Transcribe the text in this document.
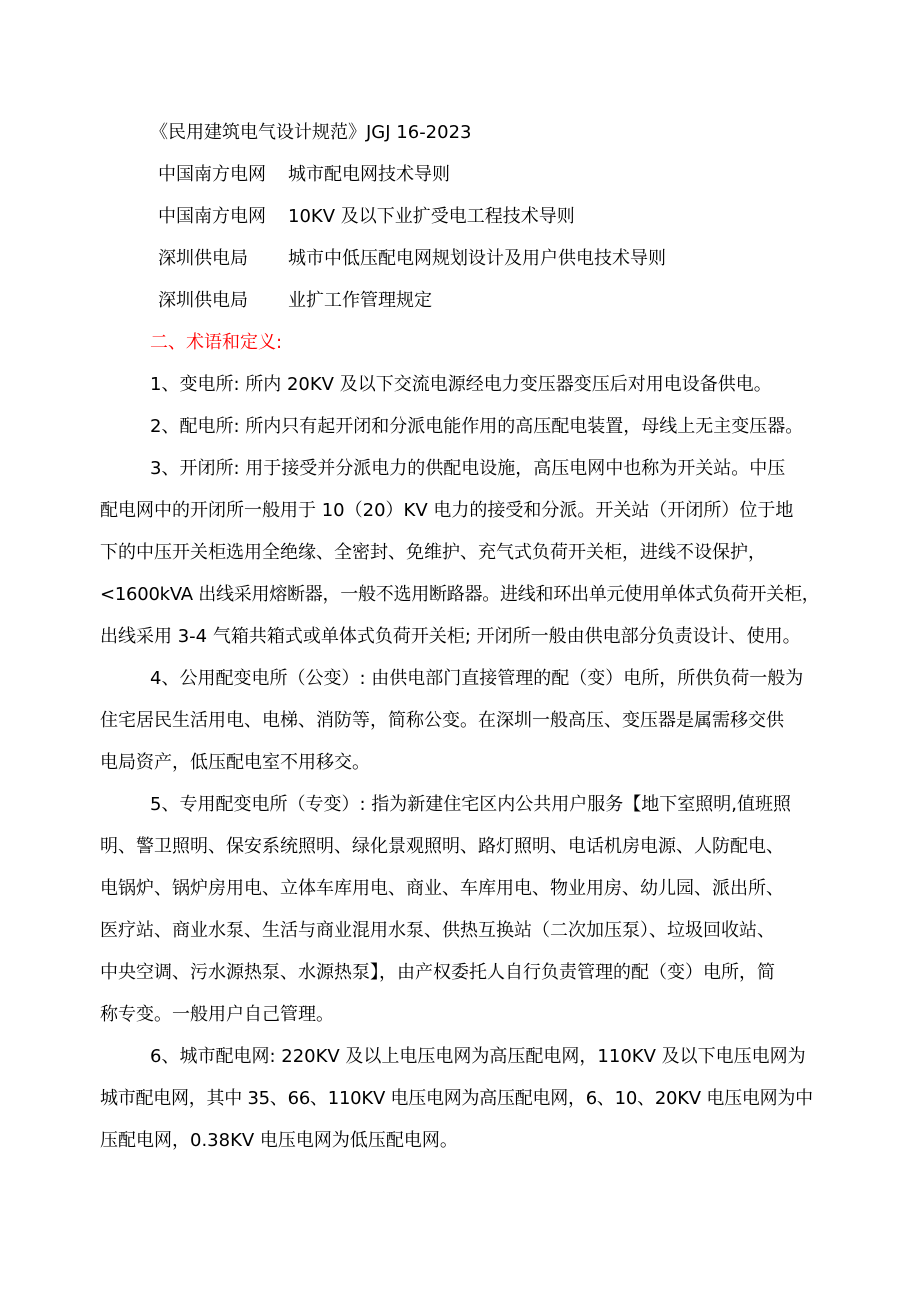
《民用建筑电气设计规范》JGJ 16-2023
中国南方电网 城市配电网技术导则
中国南方电网 10KV 及以下业扩受电工程技术导则
深圳供电局 城市中低压配电网规划设计及用户供电技术导则
深圳供电局 业扩工作管理规定
二、术语和定义:
1、变电所: 所内 20KV 及以下交流电源经电力变压器变压后对用电设备供电。
2、配电所: 所内只有起开闭和分派电能作用的高压配电装置，母线上无主变压器。
3、开闭所: 用于接受并分派电力的供配电设施，高压电网中也称为开关站。中压
配电网中的开闭所一般用于 10（20）KV 电力的接受和分派。开关站（开闭所）位于地
下的中压开关柜选用全绝缘、全密封、免维护、充气式负荷开关柜，进线不设保护，
<1600kVA 出线采用熔断器，一般不选用断路器。进线和环出单元使用单体式负荷开关柜，
出线采用 3-4 气箱共箱式或单体式负荷开关柜; 开闭所一般由供电部分负责设计、使用。
4、公用配变电所（公变）: 由供电部门直接管理的配（变）电所，所供负荷一般为
住宅居民生活用电、电梯、消防等，简称公变。在深圳一般高压、变压器是属需移交供
电局资产，低压配电室不用移交。
5、专用配变电所（专变）: 指为新建住宅区内公共用户服务【地下室照明,值班照
明、警卫照明、保安系统照明、绿化景观照明、路灯照明、电话机房电源、人防配电、
电锅炉、锅炉房用电、立体车库用电、商业、车库用电、物业用房、幼儿园、派出所、
医疗站、商业水泵、生活与商业混用水泵、供热互换站（二次加压泵）、垃圾回收站、
中央空调、污水源热泵、水源热泵】，由产权委托人自行负责管理的配（变）电所，简
称专变。一般用户自己管理。
6、城市配电网: 220KV 及以上电压电网为高压配电网，110KV 及以下电压电网为
城市配电网，其中 35、66、110KV 电压电网为高压配电网，6、10、20KV 电压电网为中
压配电网，0.38KV 电压电网为低压配电网。
